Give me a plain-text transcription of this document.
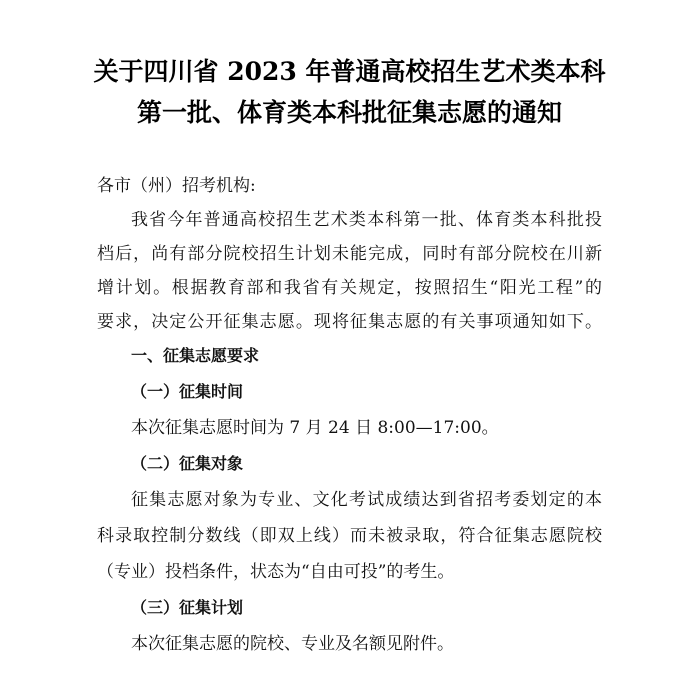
关于四川省 2023 年普通高校招生艺术类本科
第一批、体育类本科批征集志愿的通知
各市（州）招考机构:
我省今年普通高校招生艺术类本科第一批、体育类本科批投
档后，尚有部分院校招生计划未能完成，同时有部分院校在川新
增计划。根据教育部和我省有关规定，按照招生“阳光工程”的
要求，决定公开征集志愿。现将征集志愿的有关事项通知如下。
一、征集志愿要求
（一）征集时间
本次征集志愿时间为 7 月 24 日 8:00—17:00。
（二）征集对象
征集志愿对象为专业、文化考试成绩达到省招考委划定的本
科录取控制分数线（即双上线）而未被录取，符合征集志愿院校
（专业）投档条件，状态为“自由可投”的考生。
（三）征集计划
本次征集志愿的院校、专业及名额见附件。
